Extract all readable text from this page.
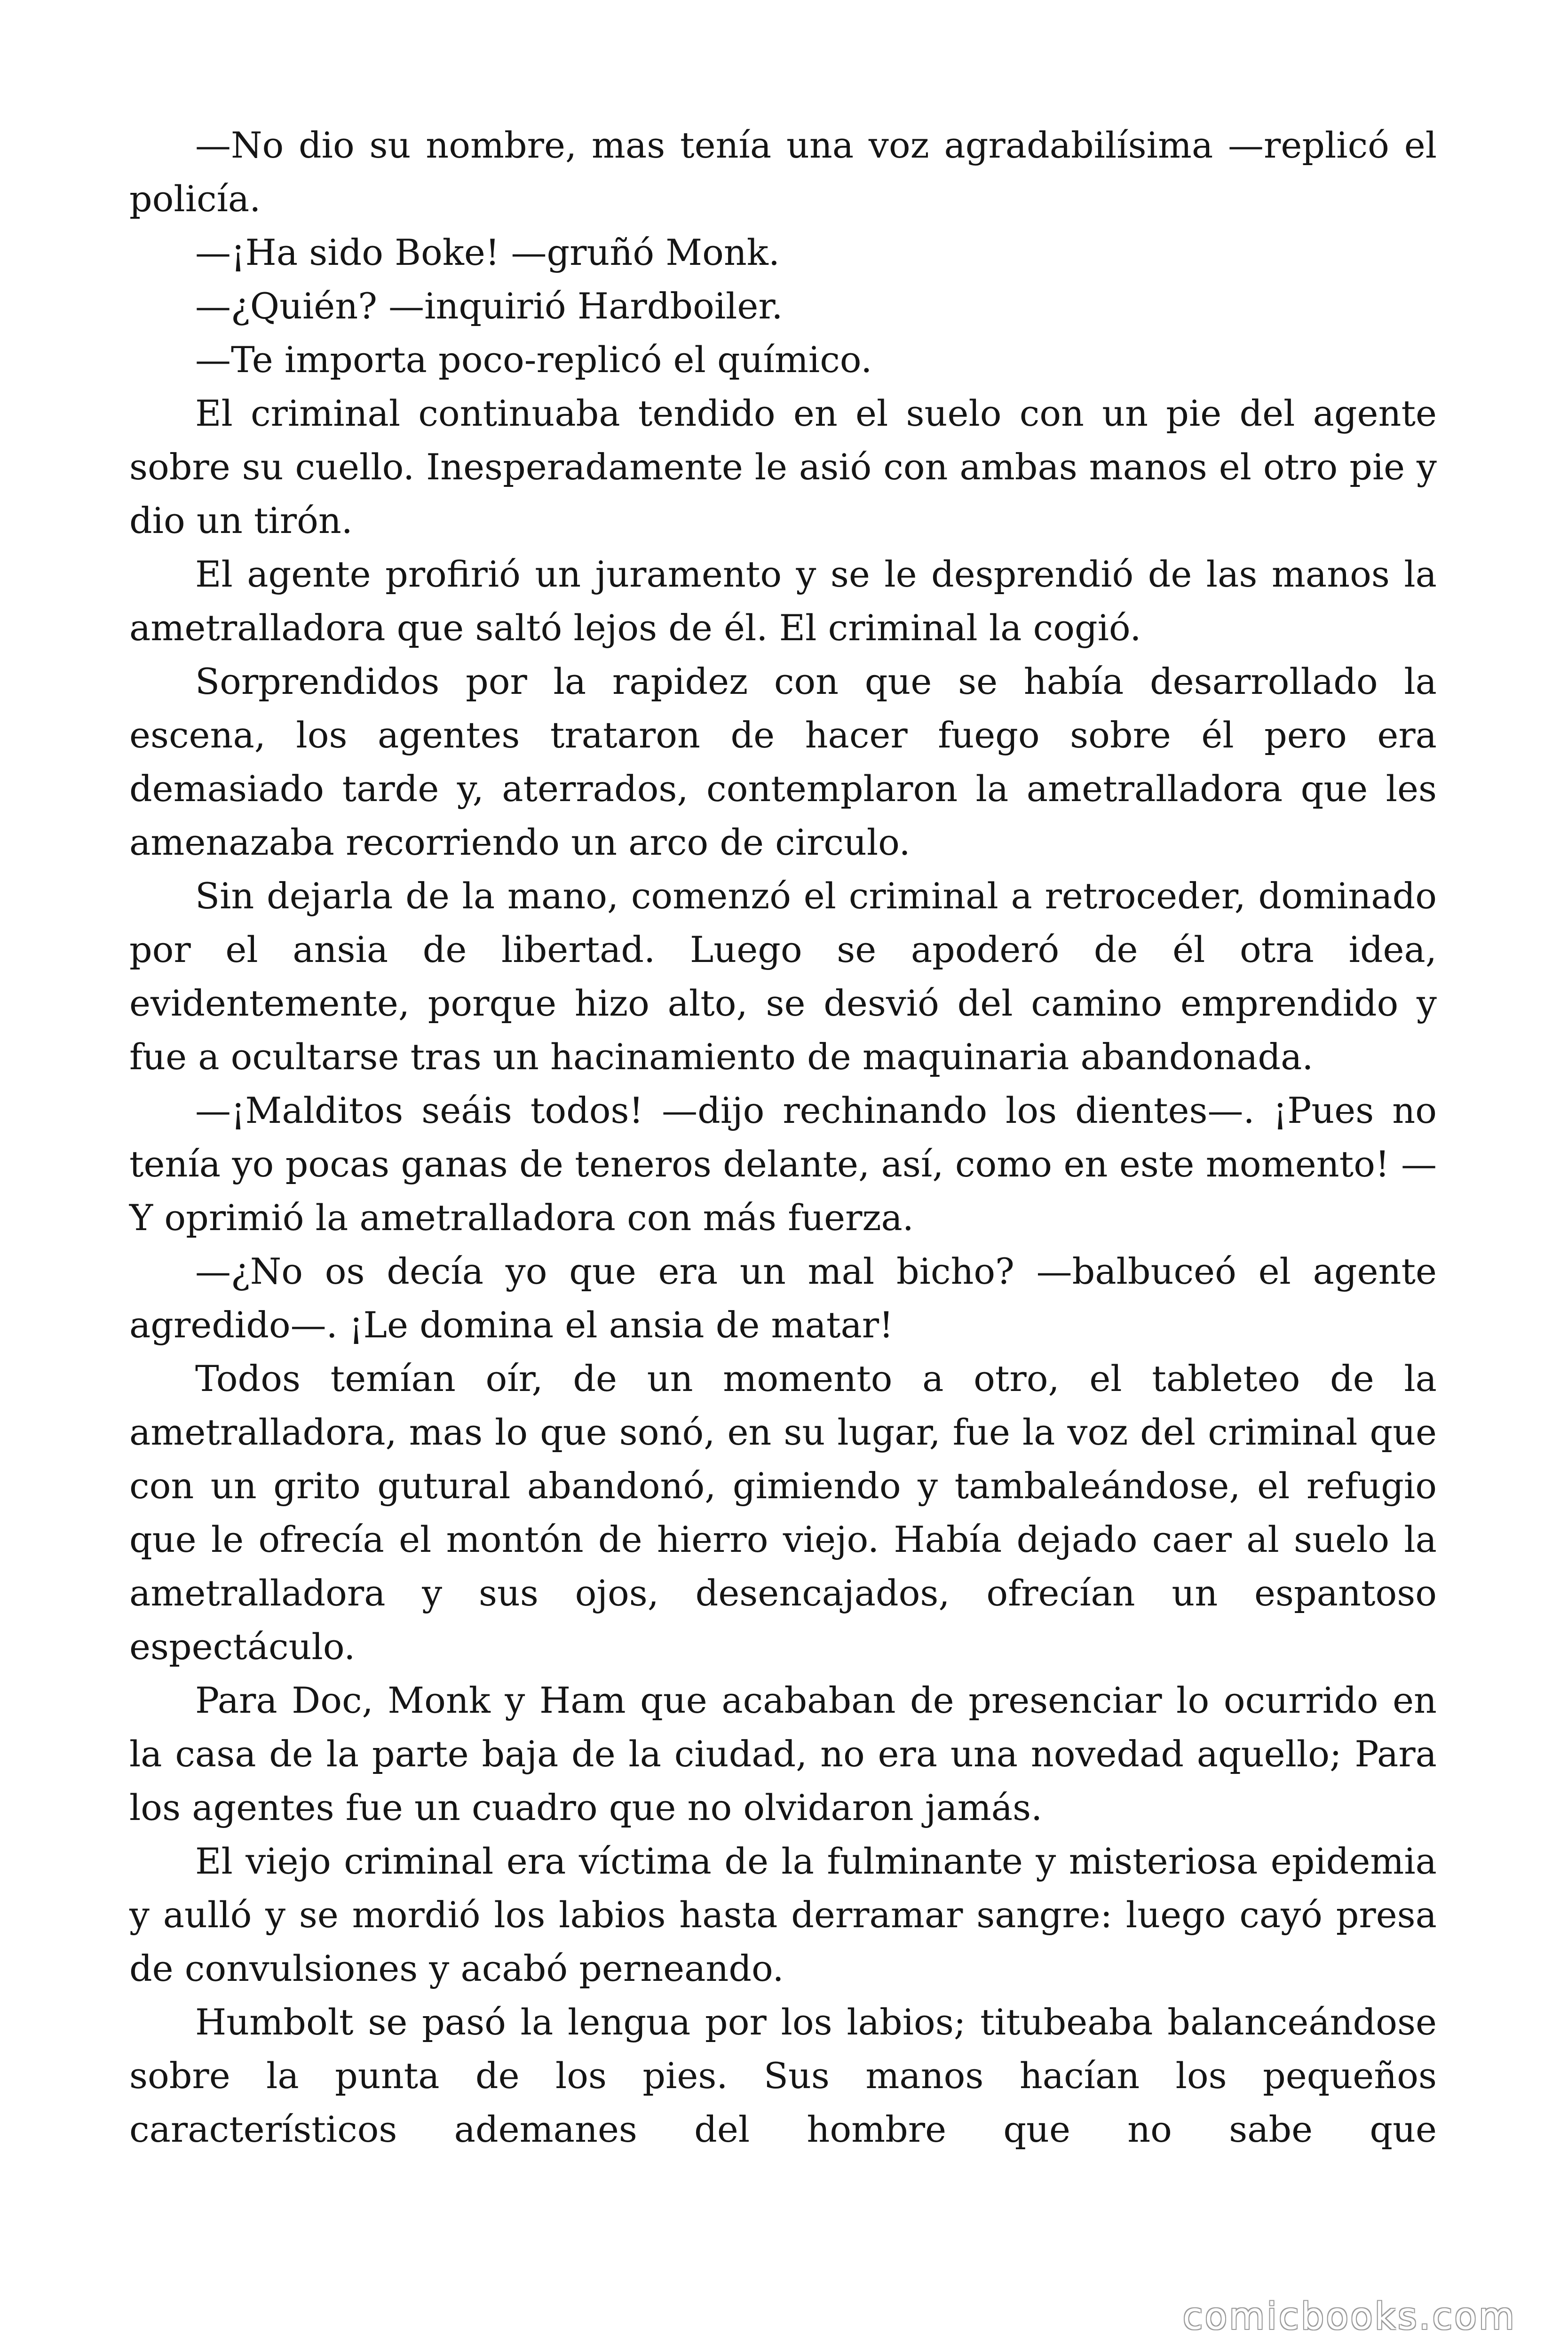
—No dio su nombre, mas tenía una voz agradabilísima —replicó el policía.

—¡Ha sido Boke! —gruñó Monk.

—¿Quién? —inquirió Hardboiler.

—Te importa poco-replicó el químico.

El criminal continuaba tendido en el suelo con un pie del agente sobre su cuello. Inesperadamente le asió con ambas manos el otro pie y dio un tirón.

El agente profirió un juramento y se le desprendió de las manos la ametralladora que saltó lejos de él. El criminal la cogió.

Sorprendidos por la rapidez con que se había desarrollado la escena, los agentes trataron de hacer fuego sobre él pero era demasiado tarde y, aterrados, contemplaron la ametralladora que les amenazaba recorriendo un arco de circulo.

Sin dejarla de la mano, comenzó el criminal a retroceder, dominado por el ansia de libertad. Luego se apoderó de él otra idea, evidentemente, porque hizo alto, se desvió del camino emprendido y fue a ocultarse tras un hacinamiento de maquinaria abandonada.

—¡Malditos seáis todos! —dijo rechinando los dientes—. ¡Pues no tenía yo pocas ganas de teneros delante, así, como en este momento! —Y oprimió la ametralladora con más fuerza.

—¿No os decía yo que era un mal bicho? —balbuceó el agente agredido—. ¡Le domina el ansia de matar!

Todos temían oír, de un momento a otro, el tableteo de la ametralladora, mas lo que sonó, en su lugar, fue la voz del criminal que con un grito gutural abandonó, gimiendo y tambaleándose, el refugio que le ofrecía el montón de hierro viejo. Había dejado caer al suelo la ametralladora y sus ojos, desencajados, ofrecían un espantoso espectáculo.

Para Doc, Monk y Ham que acababan de presenciar lo ocurrido en la casa de la parte baja de la ciudad, no era una novedad aquello; Para los agentes fue un cuadro que no olvidaron jamás.

El viejo criminal era víctima de la fulminante y misteriosa epidemia y aulló y se mordió los labios hasta derramar sangre: luego cayó presa de convulsiones y acabó perneando.

Humbolt se pasó la lengua por los labios; titubeaba balanceándose sobre la punta de los pies. Sus manos hacían los pequeños característicos ademanes del hombre que no sabe que

comicbooks.com
